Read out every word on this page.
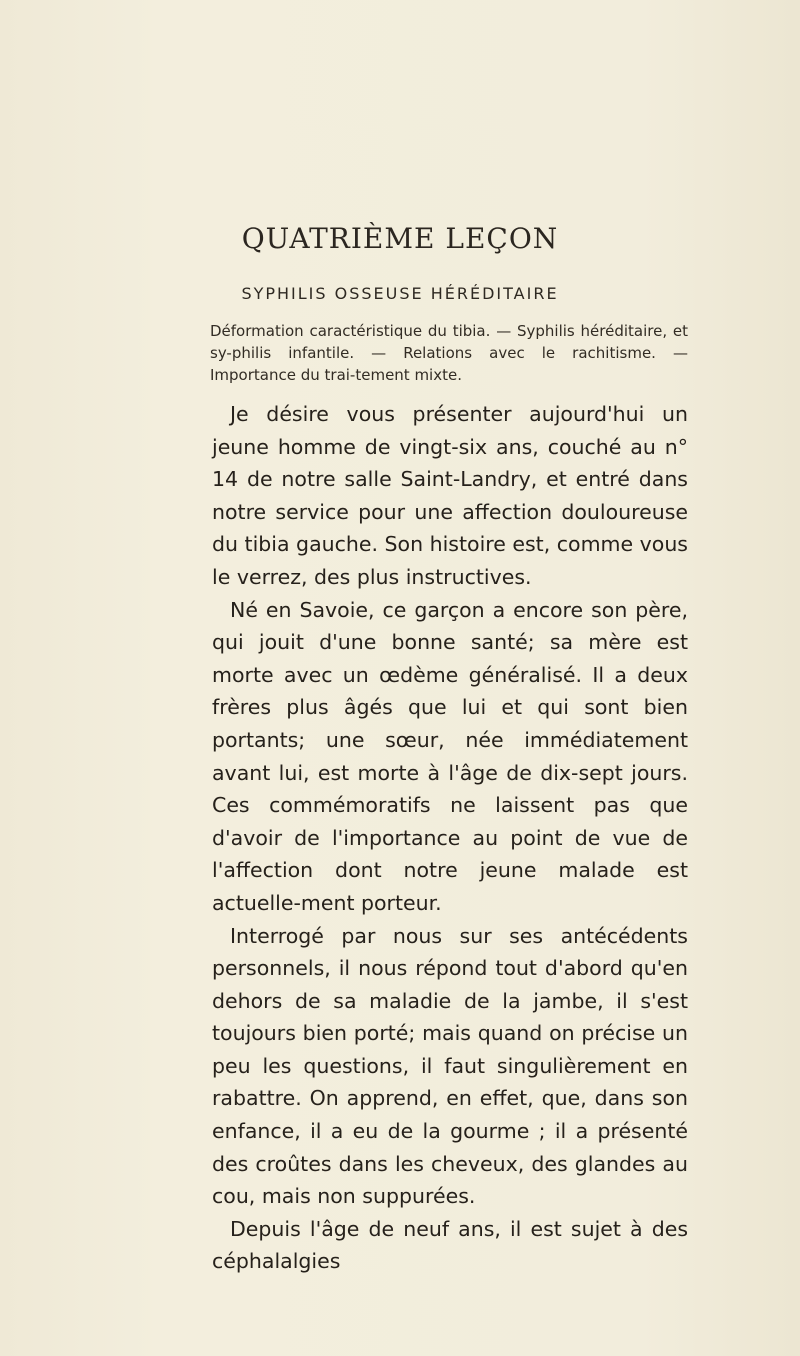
QUATRIÈME LEÇON
SYPHILIS OSSEUSE HÉRÉDITAIRE

Déformation caractéristique du tibia. — Syphilis héréditaire, et sy-philis infantile. — Relations avec le rachitisme. — Importance du trai-tement mixte.

Je désire vous présenter aujourd'hui un jeune homme de vingt-six ans, couché au n° 14 de notre salle Saint-Landry, et entré dans notre service pour une affection douloureuse du tibia gauche. Son histoire est, comme vous le verrez, des plus instructives.

Né en Savoie, ce garçon a encore son père, qui jouit d'une bonne santé; sa mère est morte avec un œdème généralisé. Il a deux frères plus âgés que lui et qui sont bien portants; une sœur, née immédiatement avant lui, est morte à l'âge de dix-sept jours. Ces commémoratifs ne laissent pas que d'avoir de l'importance au point de vue de l'affection dont notre jeune malade est actuelle-ment porteur.

Interrogé par nous sur ses antécédents personnels, il nous répond tout d'abord qu'en dehors de sa maladie de la jambe, il s'est toujours bien porté; mais quand on précise un peu les questions, il faut singulièrement en rabattre. On apprend, en effet, que, dans son enfance, il a eu de la gourme ; il a présenté des croûtes dans les cheveux, des glandes au cou, mais non suppurées.

Depuis l'âge de neuf ans, il est sujet à des céphalalgies
